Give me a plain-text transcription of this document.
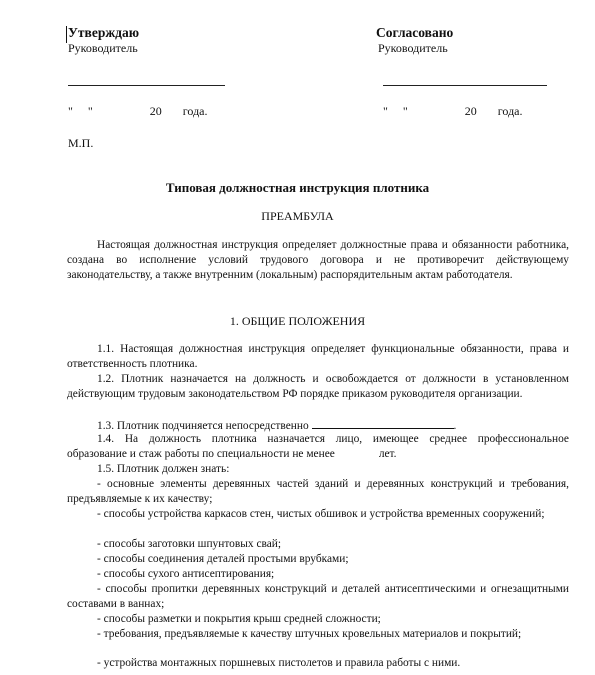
Утверждаю
Руководитель
"     "                   20       года.
Согласовано
Руководитель
"     "                   20       года.
М.П.
Типовая должностная инструкция плотника
ПРЕАМБУЛА
Настоящая должностная инструкция определяет должностные права и обязанности работника, созданa во исполнение условий трудового договора и не противоречит действующему законодательству, а также внутренним (локальным) распорядительным актам работодателя.
1. ОБЩИЕ ПОЛОЖЕНИЯ
1.1. Настоящая должностная инструкция определяет функциональные обязанности, права и ответственность плотника.
1.2. Плотник назначается на должность и освобождается от должности в установленном действующим трудовым законодательством РФ порядке приказом руководителя организации.
1.3. Плотник подчиняется непосредственно	.
1.4. На должность плотника назначается лицо, имеющее среднее профессиональное
образование и стаж работы по специальности не менее	лет.
1.5. Плотник должен знать:
- основные элементы деревянных частей зданий и деревянных конструкций и требования, предъявляемые к их качеству;
- способы устройства каркасов стен, чистых обшивок и устройства временных сооружений;
- способы заготовки шпунтовых свай;
- способы соединения деталей простыми врубками;
- способы сухого антисептирования;
- способы пропитки деревянных конструкций и деталей антисептическими и огнезащитными составами в ваннах;
- способы разметки и покрытия крыш средней сложности;
- требования, предъявляемые к качеству штучных кровельных материалов и покрытий;
- устройства монтажных поршневых пистолетов и правила работы с ними.
